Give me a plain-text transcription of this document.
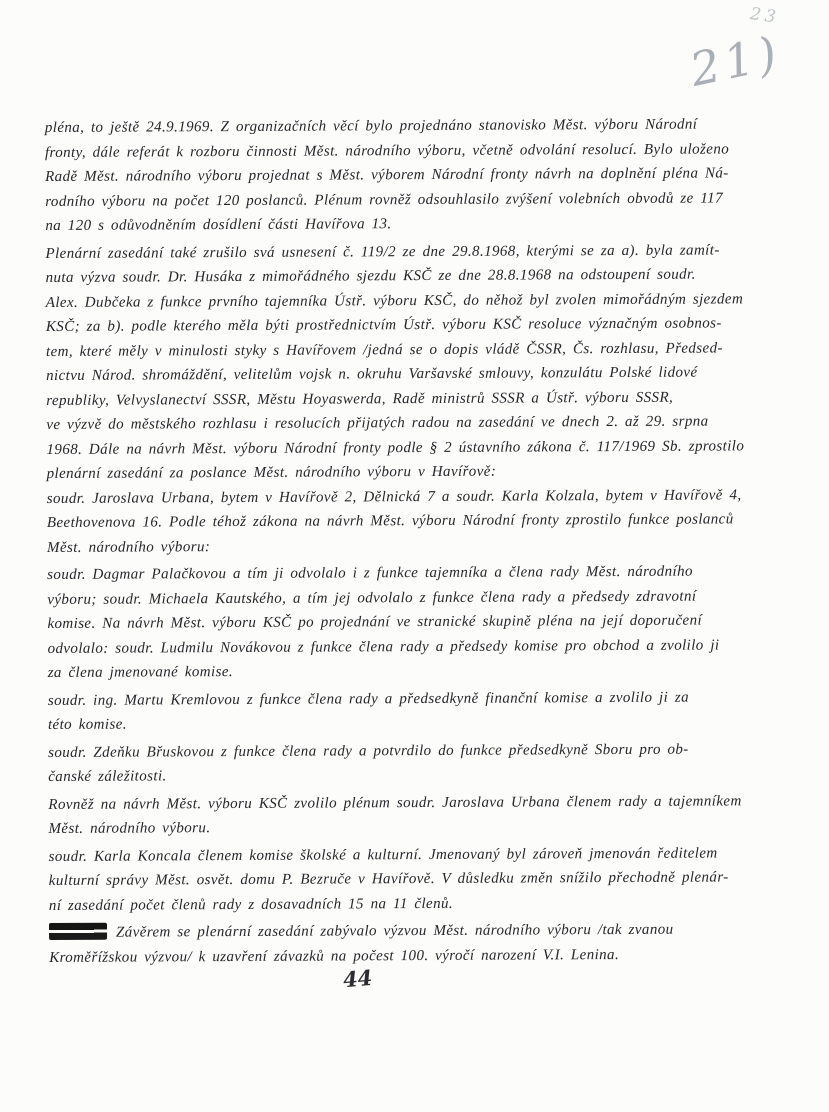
23
21)

pléna, to ještě 24.9.1969. Z organizačních věcí bylo projednáno stanovisko Měst. výboru Národní
fronty, dále referát k rozboru činnosti Měst. národního výboru, včetně odvolání resolucí. Bylo uloženo
Radě Měst. národního výboru projednat s Měst. výborem Národní fronty návrh na doplnění pléna Ná-
rodního výboru na počet 120 poslanců. Plénum rovněž odsouhlasilo zvýšení volebních obvodů ze 117
na 120 s odůvodněním dosídlení části Havířova 13.

Plenární zasedání také zrušilo svá usnesení č. 119/2 ze dne 29.8.1968, kterými se za a). byla zamít-
nuta výzva soudr. Dr. Husáka z mimořádného sjezdu KSČ ze dne 28.8.1968 na odstoupení soudr.
Alex. Dubčeka z funkce prvního tajemníka Ústř. výboru KSČ, do něhož byl zvolen mimořádným sjezdem
KSČ; za b). podle kterého měla býti prostřednictvím Ústř. výboru KSČ resoluce význačným osobnos-
tem, které měly v minulosti styky s Havířovem /jedná se o dopis vládě ČSSR, Čs. rozhlasu, Předsed-
nictvu Národ. shromáždění, velitelům vojsk n. okruhu Varšavské smlouvy, konzulátu Polské lidové
republiky, Velvyslanectví SSSR, Městu Hoyaswerda, Radě ministrů SSSR a Ústř. výboru SSSR,
ve výzvě do městského rozhlasu i resolucích přijatých radou na zasedání ve dnech 2. až 29. srpna
1968. Dále na návrh Měst. výboru Národní fronty podle § 2 ústavního zákona č. 117/1969 Sb. zprostilo
plenární zasedání za poslance Měst. národního výboru v Havířově:
soudr. Jaroslava Urbana, bytem v Havířově 2, Dělnická 7 a soudr. Karla Kolzala, bytem v Havířově 4,
Beethovenova 16. Podle téhož zákona na návrh Měst. výboru Národní fronty zprostilo funkce poslanců
Měst. národního výboru:

soudr. Dagmar Palačkovou a tím ji odvolalo i z funkce tajemníka a člena rady Měst. národního
výboru; soudr. Michaela Kautského, a tím jej odvolalo z funkce člena rady a předsedy zdravotní
komise. Na návrh Měst. výboru KSČ po projednání ve stranické skupině pléna na její doporučení
odvolalo: soudr. Ludmilu Novákovou z funkce člena rady a předsedy komise pro obchod a zvolilo ji
za člena jmenované komise.

soudr. ing. Martu Kremlovou z funkce člena rady a předsedkyně finanční komise a zvolilo ji za
této komise.

soudr. Zdeňku Břuskovou z funkce člena rady a potvrdilo do funkce předsedkyně Sboru pro ob-
čanské záležitosti.

Rovněž na návrh Měst. výboru KSČ zvolilo plénum soudr. Jaroslava Urbana členem rady a tajemníkem
Měst. národního výboru.

soudr. Karla Koncala členem komise školské a kulturní. Jmenovaný byl zároveň jmenován ředitelem
kulturní správy Měst. osvět. domu P. Bezruče v Havířově. V důsledku změn snížilo přechodně plenár-
ní zasedání počet členů rady z dosavadních 15 na 11 členů.

Závěrem se plenární zasedání zabývalo výzvou Měst. národního výboru /tak zvanou
Kroměřížskou výzvou/ k uzavření závazků na počest 100. výročí narození V.I. Lenina.

44
